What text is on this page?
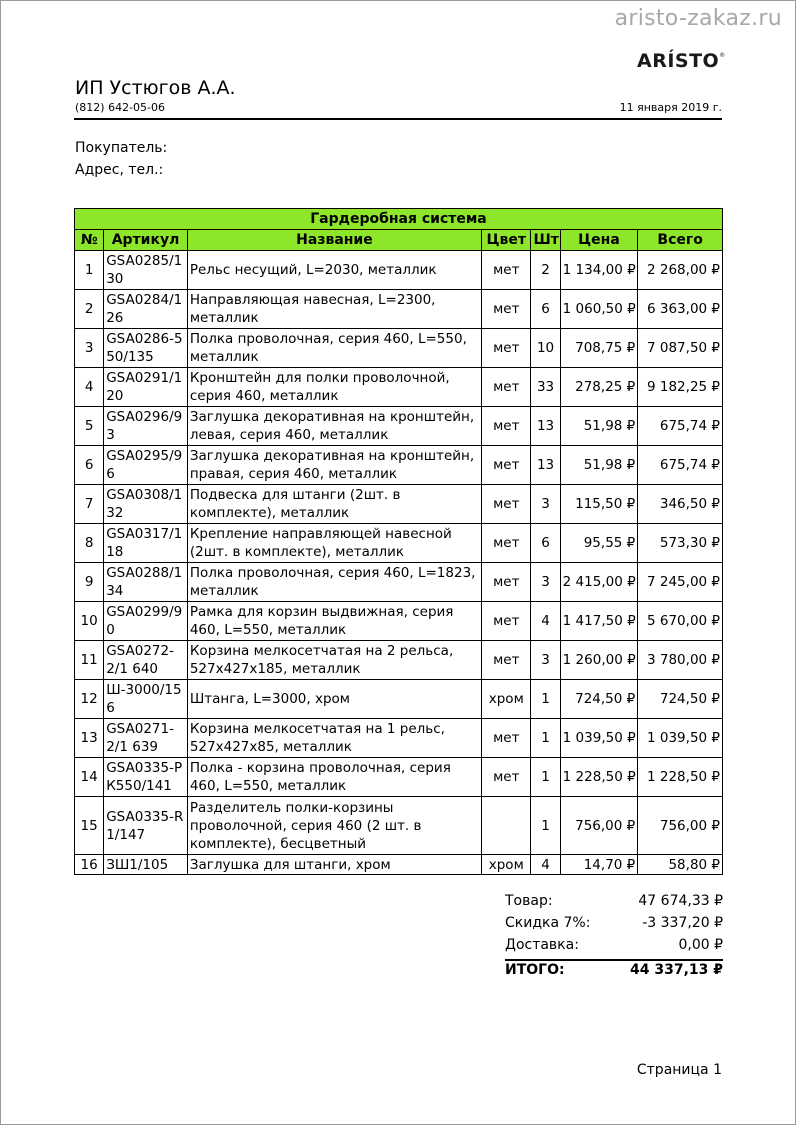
aristo-zakaz.ru
ARÍSTO®
ИП Устюгов А.А.
(812) 642-05-06	11 января 2019 г.
Покупатель:
Адрес, тел.:
Гардеробная система						
№	Артикул	Название	Цвет	Шт	Цена	Всего
1	GSA0285/130	Рельс несущий, L=2030, металлик	мет	2	1 134,00 ₽	2 268,00 ₽
2	GSA0284/126	Направляющая навесная, L=2300, металлик	мет	6	1 060,50 ₽	6 363,00 ₽
3	GSA0286-550/135	Полка проволочная, серия 460, L=550, металлик	мет	10	708,75 ₽	7 087,50 ₽
4	GSA0291/120	Кронштейн для полки проволочной, серия 460, металлик	мет	33	278,25 ₽	9 182,25 ₽
5	GSA0296/93	Заглушка декоративная на кронштейн, левая, серия 460, металлик	мет	13	51,98 ₽	675,74 ₽
6	GSA0295/96	Заглушка декоративная на кронштейн, правая, серия 460, металлик	мет	13	51,98 ₽	675,74 ₽
7	GSA0308/132	Подвеска для штанги (2шт. в комплекте), металлик	мет	3	115,50 ₽	346,50 ₽
8	GSA0317/118	Крепление направляющей навесной (2шт. в комплекте), металлик	мет	6	95,55 ₽	573,30 ₽
9	GSA0288/134	Полка проволочная, серия 460, L=1823, металлик	мет	3	2 415,00 ₽	7 245,00 ₽
10	GSA0299/90	Рамка для корзин выдвижная, серия 460, L=550, металлик	мет	4	1 417,50 ₽	5 670,00 ₽
11	GSA0272-2/1 640	Корзина мелкосетчатая на 2 рельса, 527х427х185, металлик	мет	3	1 260,00 ₽	3 780,00 ₽
12	Ш-3000/156	Штанга, L=3000, хром	хром	1	724,50 ₽	724,50 ₽
13	GSA0271-2/1 639	Корзина мелкосетчатая на 1 рельс, 527х427х85, металлик	мет	1	1 039,50 ₽	1 039,50 ₽
14	GSA0335-РК550/141	Полка - корзина проволочная, серия 460, L=550, металлик	мет	1	1 228,50 ₽	1 228,50 ₽
15	GSA0335-R1/147	Разделитель полки-корзины проволочной, серия 460 (2 шт. в комплекте), бесцветный		1	756,00 ₽	756,00 ₽
16	ЗШ1/105	Заглушка для штанги, хром	хром	4	14,70 ₽	58,80 ₽
Товар:	47 674,33 ₽
Скидка 7%:	-3 337,20 ₽
Доставка:	0,00 ₽
ИТОГО:	44 337,13 ₽
Страница 1
